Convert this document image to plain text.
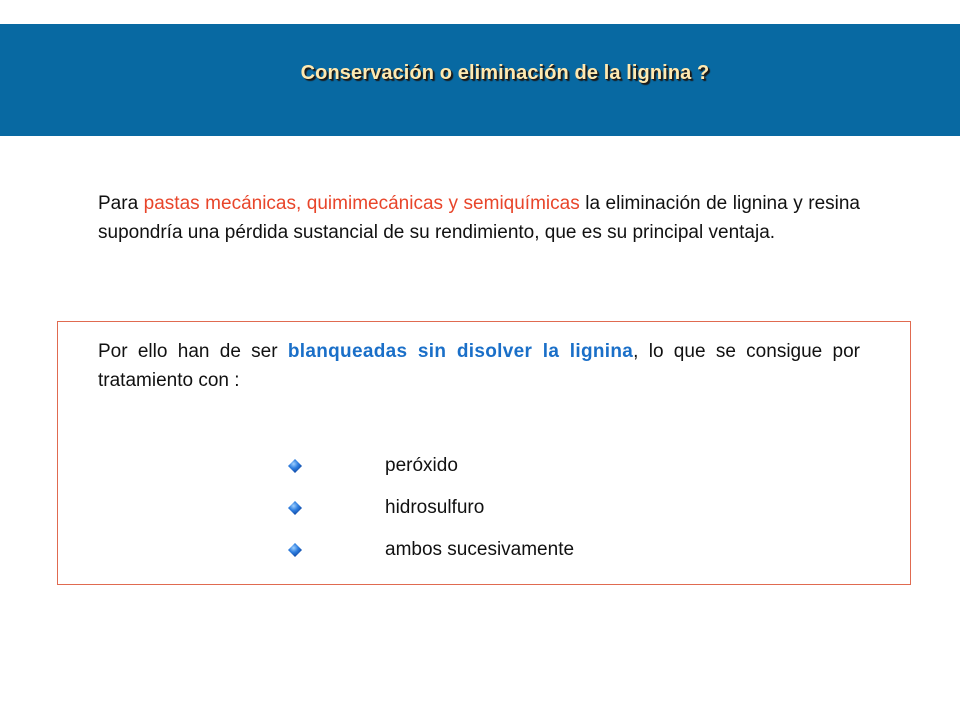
Conservación o eliminación de la lignina ?
Para pastas mecánicas, quimimecánicas y semiquímicas la eliminación de lignina y resina supondría una pérdida sustancial de su rendimiento, que es su principal ventaja.
Por ello han de ser blanqueadas sin disolver la lignina, lo que se consigue por tratamiento con :
peróxido
hidrosulfuro
ambos sucesivamente
